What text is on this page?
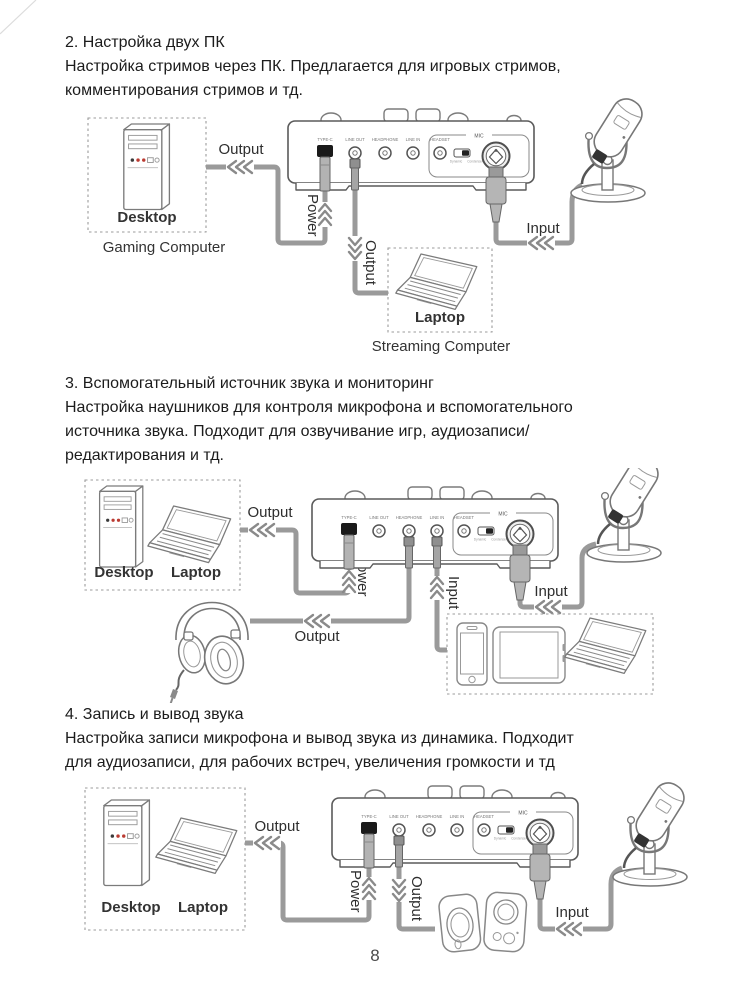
2. Настройка двух ПК
Настройка стримов через ПК. Предлагается для игровых стримов,
комментирования стримов и тд.
Output
Power
Output
Input
Desktop
Gaming Computer
Laptop
Streaming Computer
3. Вспомогательный источник звука и мониторинг
Настройка наушников для контроля микрофона и вспомогательного
источника звука. Подходит для озвучивание игр, аудиозаписи/
редактирования и тд.
Output
Power
Output
Input	Input
Desktop Laptop
4. Запись и вывод звука
Настройка записи микрофона и вывод звука из динамика. Подходит
для аудиозаписи, для рабочих встреч, увеличения громкости и тд
Output
Power	Output	Input
Desktop Laptop
8
